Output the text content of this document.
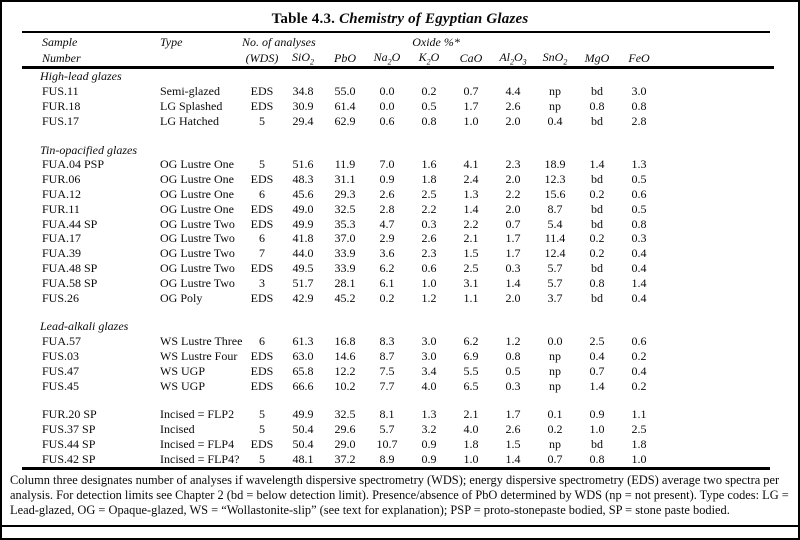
Table 4.3. Chemistry of Egyptian Glazes
Sample	Type	No. of analyses	Oxide %*									
Number		(WDS)	SiO$_2$	PbO	$Na_2O$	$K_2O$	CaO	$Al_2O_3$	SnO$_2$	MgO	FeO	
High-lead glazes												
FUS.11	Semi-glazed	EDS	34.8	55.0	0.0	0.2	0.7	4.4	np	bd	3.0	
FUR.18	LG Splashed	EDS	30.9	61.4	0.0	0.5	1.7	2.6	np	0.8	0.8	
FUS.17	LG Hatched	5	29.4	62.9	0.6	0.8	1.0	2.0	0.4	bd	2.8	

Tin-opacified glazes												
FUA.04 PSP	OG Lustre One	5	51.6	11.9	7.0	1.6	4.1	2.3	18.9	1.4	1.3	
FUR.06	OG Lustre One	EDS	48.3	31.1	0.9	1.8	2.4	2.0	12.3	bd	0.5	
FUA.12	OG Lustre One	6	45.6	29.3	2.6	2.5	1.3	2.2	15.6	0.2	0.6	
FUR.11	OG Lustre One	EDS	49.0	32.5	2.8	2.2	1.4	2.0	8.7	bd	0.5	
FUA.44 SP	OG Lustre Two	EDS	49.9	35.3	4.7	0.3	2.2	0.7	5.4	bd	0.8	
FUA.17	OG Lustre Two	6	41.8	37.0	2.9	2.6	2.1	1.7	11.4	0.2	0.3	
FUA.39	OG Lustre Two	7	44.0	33.9	3.6	2.3	1.5	1.7	12.4	0.2	0.4	
FUA.48 SP	OG Lustre Two	EDS	49.5	33.9	6.2	0.6	2.5	0.3	5.7	bd	0.4	
FUA.58 SP	OG Lustre Two	3	51.7	28.1	6.1	1.0	3.1	1.4	5.7	0.8	1.4	
FUS.26	OG Poly	EDS	42.9	45.2	0.2	1.2	1.1	2.0	3.7	bd	0.4	

Lead-alkali glazes												
FUA.57	WS Lustre Three	6	61.3	16.8	8.3	3.0	6.2	1.2	0.0	2.5	0.6	
FUS.03	WS Lustre Four	EDS	63.0	14.6	8.7	3.0	6.9	0.8	np	0.4	0.2	
FUS.47	WS UGP	EDS	65.8	12.2	7.5	3.4	5.5	0.5	np	0.7	0.4	
FUS.45	WS UGP	EDS	66.6	10.2	7.7	4.0	6.5	0.3	np	1.4	0.2	

FUR.20 SP	Incised = FLP2	5	49.9	32.5	8.1	1.3	2.1	1.7	0.1	0.9	1.1	
FUS.37 SP	Incised	5	50.4	29.6	5.7	3.2	4.0	2.6	0.2	1.0	2.5	
FUS.44 SP	Incised = FLP4	EDS	50.4	29.0	10.7	0.9	1.8	1.5	np	bd	1.8	
FUS.42 SP	Incised = FLP4?	5	48.1	37.2	8.9	0.9	1.0	1.4	0.7	0.8	1.0	
Column three designates number of analyses if wavelength dispersive spectrometry (WDS); energy dispersive spectrometry (EDS) average two spectra per analysis. For detection limits see Chapter 2 (bd = below detection limit). Presence/absence of PbO determined by WDS (np = not present). Type codes: LG = Lead-glazed, OG = Opaque-glazed, WS = “Wollastonite-slip” (see text for explanation); PSP = proto-stonepaste bodied, SP = stone paste bodied.
